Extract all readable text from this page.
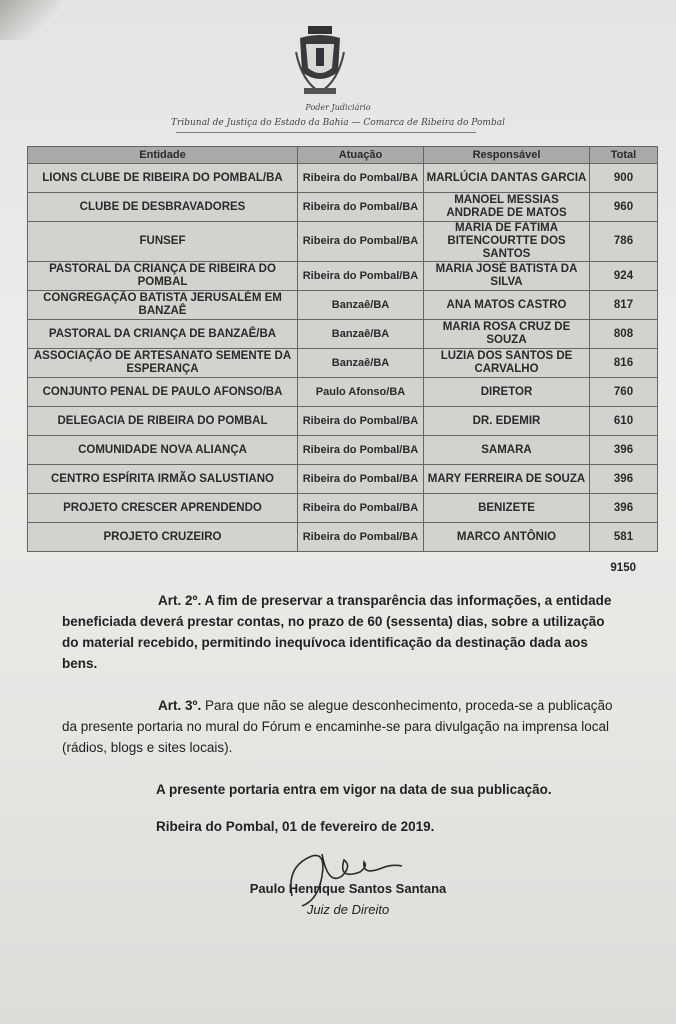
Poder Judiciário
Tribunal de Justiça do Estado da Bahia — Comarca de Ribeira do Pombal
Entidade	Atuação	Responsável	Total
LIONS CLUBE DE RIBEIRA DO POMBAL/BA	Ribeira do Pombal/BA	MARLÚCIA DANTAS GARCIA	900
CLUBE DE DESBRAVADORES	Ribeira do Pombal/BA	MANOEL MESSIAS ANDRADE DE MATOS	960
FUNSEF	Ribeira do Pombal/BA	MARIA DE FÁTIMA BITENCOURTTE DOS SANTOS	786
PASTORAL DA CRIANÇA DE RIBEIRA DO POMBAL	Ribeira do Pombal/BA	MARIA JOSÉ BATISTA DA SILVA	924
CONGREGAÇÃO BATISTA JERUSALÉM EM BANZAÊ	Banzaê/BA	ANA MATOS CASTRO	817
PASTORAL DA CRIANÇA DE BANZAÊ/BA	Banzaê/BA	MARIA ROSA CRUZ DE SOUZA	808
ASSOCIAÇÃO DE ARTESANATO SEMENTE DA ESPERANÇA	Banzaê/BA	LUZIA DOS SANTOS DE CARVALHO	816
CONJUNTO PENAL DE PAULO AFONSO/BA	Paulo Afonso/BA	DIRETOR	760
DELEGACIA DE RIBEIRA DO POMBAL	Ribeira do Pombal/BA	DR. EDEMIR	610
COMUNIDADE NOVA ALIANÇA	Ribeira do Pombal/BA	SAMARA	396
CENTRO ESPÍRITA IRMÃO SALUSTIANO	Ribeira do Pombal/BA	MARY FERREIRA DE SOUZA	396
PROJETO CRESCER APRENDENDO	Ribeira do Pombal/BA	BENIZETE	396
PROJETO CRUZEIRO	Ribeira do Pombal/BA	MARCO ANTÔNIO	581
9150
Art. 2º. A fim de preservar a transparência das informações, a entidade beneficiada deverá prestar contas, no prazo de 60 (sessenta) dias, sobre a utilização do material recebido, permitindo inequívoca identificação da destinação dada aos bens.
Art. 3º. Para que não se alegue desconhecimento, proceda-se a publicação da presente portaria no mural do Fórum e encaminhe-se para divulgação na imprensa local (rádios, blogs e sites locais).
A presente portaria entra em vigor na data de sua publicação.
Ribeira do Pombal, 01 de fevereiro de 2019.
Paulo Henrique Santos Santana
Juiz de Direito
